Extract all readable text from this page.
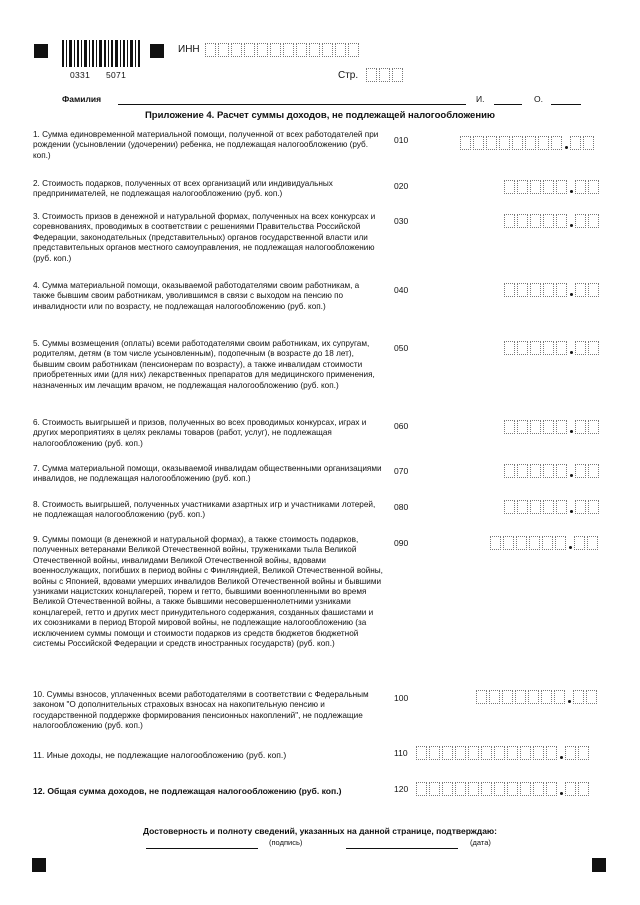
0331 5071
ИНН
Стр.
Фамилия	И.	О.
Приложение 4. Расчет суммы доходов, не подлежащей налогообложению
1. Сумма единовременной материальной помощи, полученной от всех работодателей при рождении (усыновлении (удочерении) ребенка, не подлежащая налогообложению (руб. коп.)
010
2. Стоимость подарков, полученных от всех организаций или индивидуальных предпринимателей, не подлежащая налогообложению (руб. коп.)
020
3. Стоимость призов в денежной и натуральной формах, полученных на всех конкурсах и соревнованиях, проводимых в соответствии с решениями Правительства Российской Федерации, законодательных (представительных) органов государственной власти или представительных органов местного самоуправления, не подлежащая налогообложению (руб. коп.)
030
4. Сумма материальной помощи, оказываемой работодателями своим работникам, а также бывшим своим работникам, уволившимся в связи с выходом на пенсию по инвалидности или по возрасту, не подлежащая налогообложению (руб. коп.)
040
5. Суммы возмещения (оплаты) всеми работодателями своим работникам, их супругам, родителям, детям (в том числе усыновленным), подопечным (в возрасте до 18 лет), бывшим своим работникам (пенсионерам по возрасту), а также инвалидам стоимости приобретенных ими (для них) лекарственных препаратов для медицинского применения, назначенных им лечащим врачом, не подлежащая налогообложению (руб. коп.)
050
6. Стоимость выигрышей и призов, полученных во всех проводимых конкурсах, играх и других мероприятиях в целях рекламы товаров (работ, услуг), не подлежащая налогообложению (руб. коп.)
060
7. Сумма материальной помощи, оказываемой инвалидам общественными организациями инвалидов, не подлежащая налогообложению (руб. коп.)
070
8. Стоимость выигрышей, полученных участниками азартных игр и участниками лотерей, не подлежащая налогообложению (руб. коп.)
080
9. Суммы помощи (в денежной и натуральной формах), а также стоимость подарков, полученных ветеранами Великой Отечественной войны, тружениками тыла Великой Отечественной войны, инвалидами Великой Отечественной войны, вдовами военнослужащих, погибших в период войны с Финляндией, Великой Отечественной войны, войны с Японией, вдовами умерших инвалидов Великой Отечественной войны и бывшими узниками нацистских концлагерей, тюрем и гетто, бывшими военнопленными во время Великой Отечественной войны, а также бывшими несовершеннолетними узниками концлагерей, гетто и других мест принудительного содержания, созданных фашистами и их союзниками в период Второй мировой войны, не подлежащие налогообложению (за исключением суммы помощи и стоимости подарков из средств бюджетов бюджетной системы Российской Федерации и средств иностранных государств) (руб. коп.)
090
10. Суммы взносов, уплаченных всеми работодателями в соответствии с Федеральным законом "О дополнительных страховых взносах на накопительную пенсию и государственной поддержке формирования пенсионных накоплений", не подлежащие налогообложению (руб. коп.)
100
11. Иные доходы, не подлежащие налогообложению (руб. коп.)	110
12. Общая сумма доходов, не подлежащая налогообложению (руб. коп.)	120
Достоверность и полноту сведений, указанных на данной странице, подтверждаю:
(подпись)	(дата)
